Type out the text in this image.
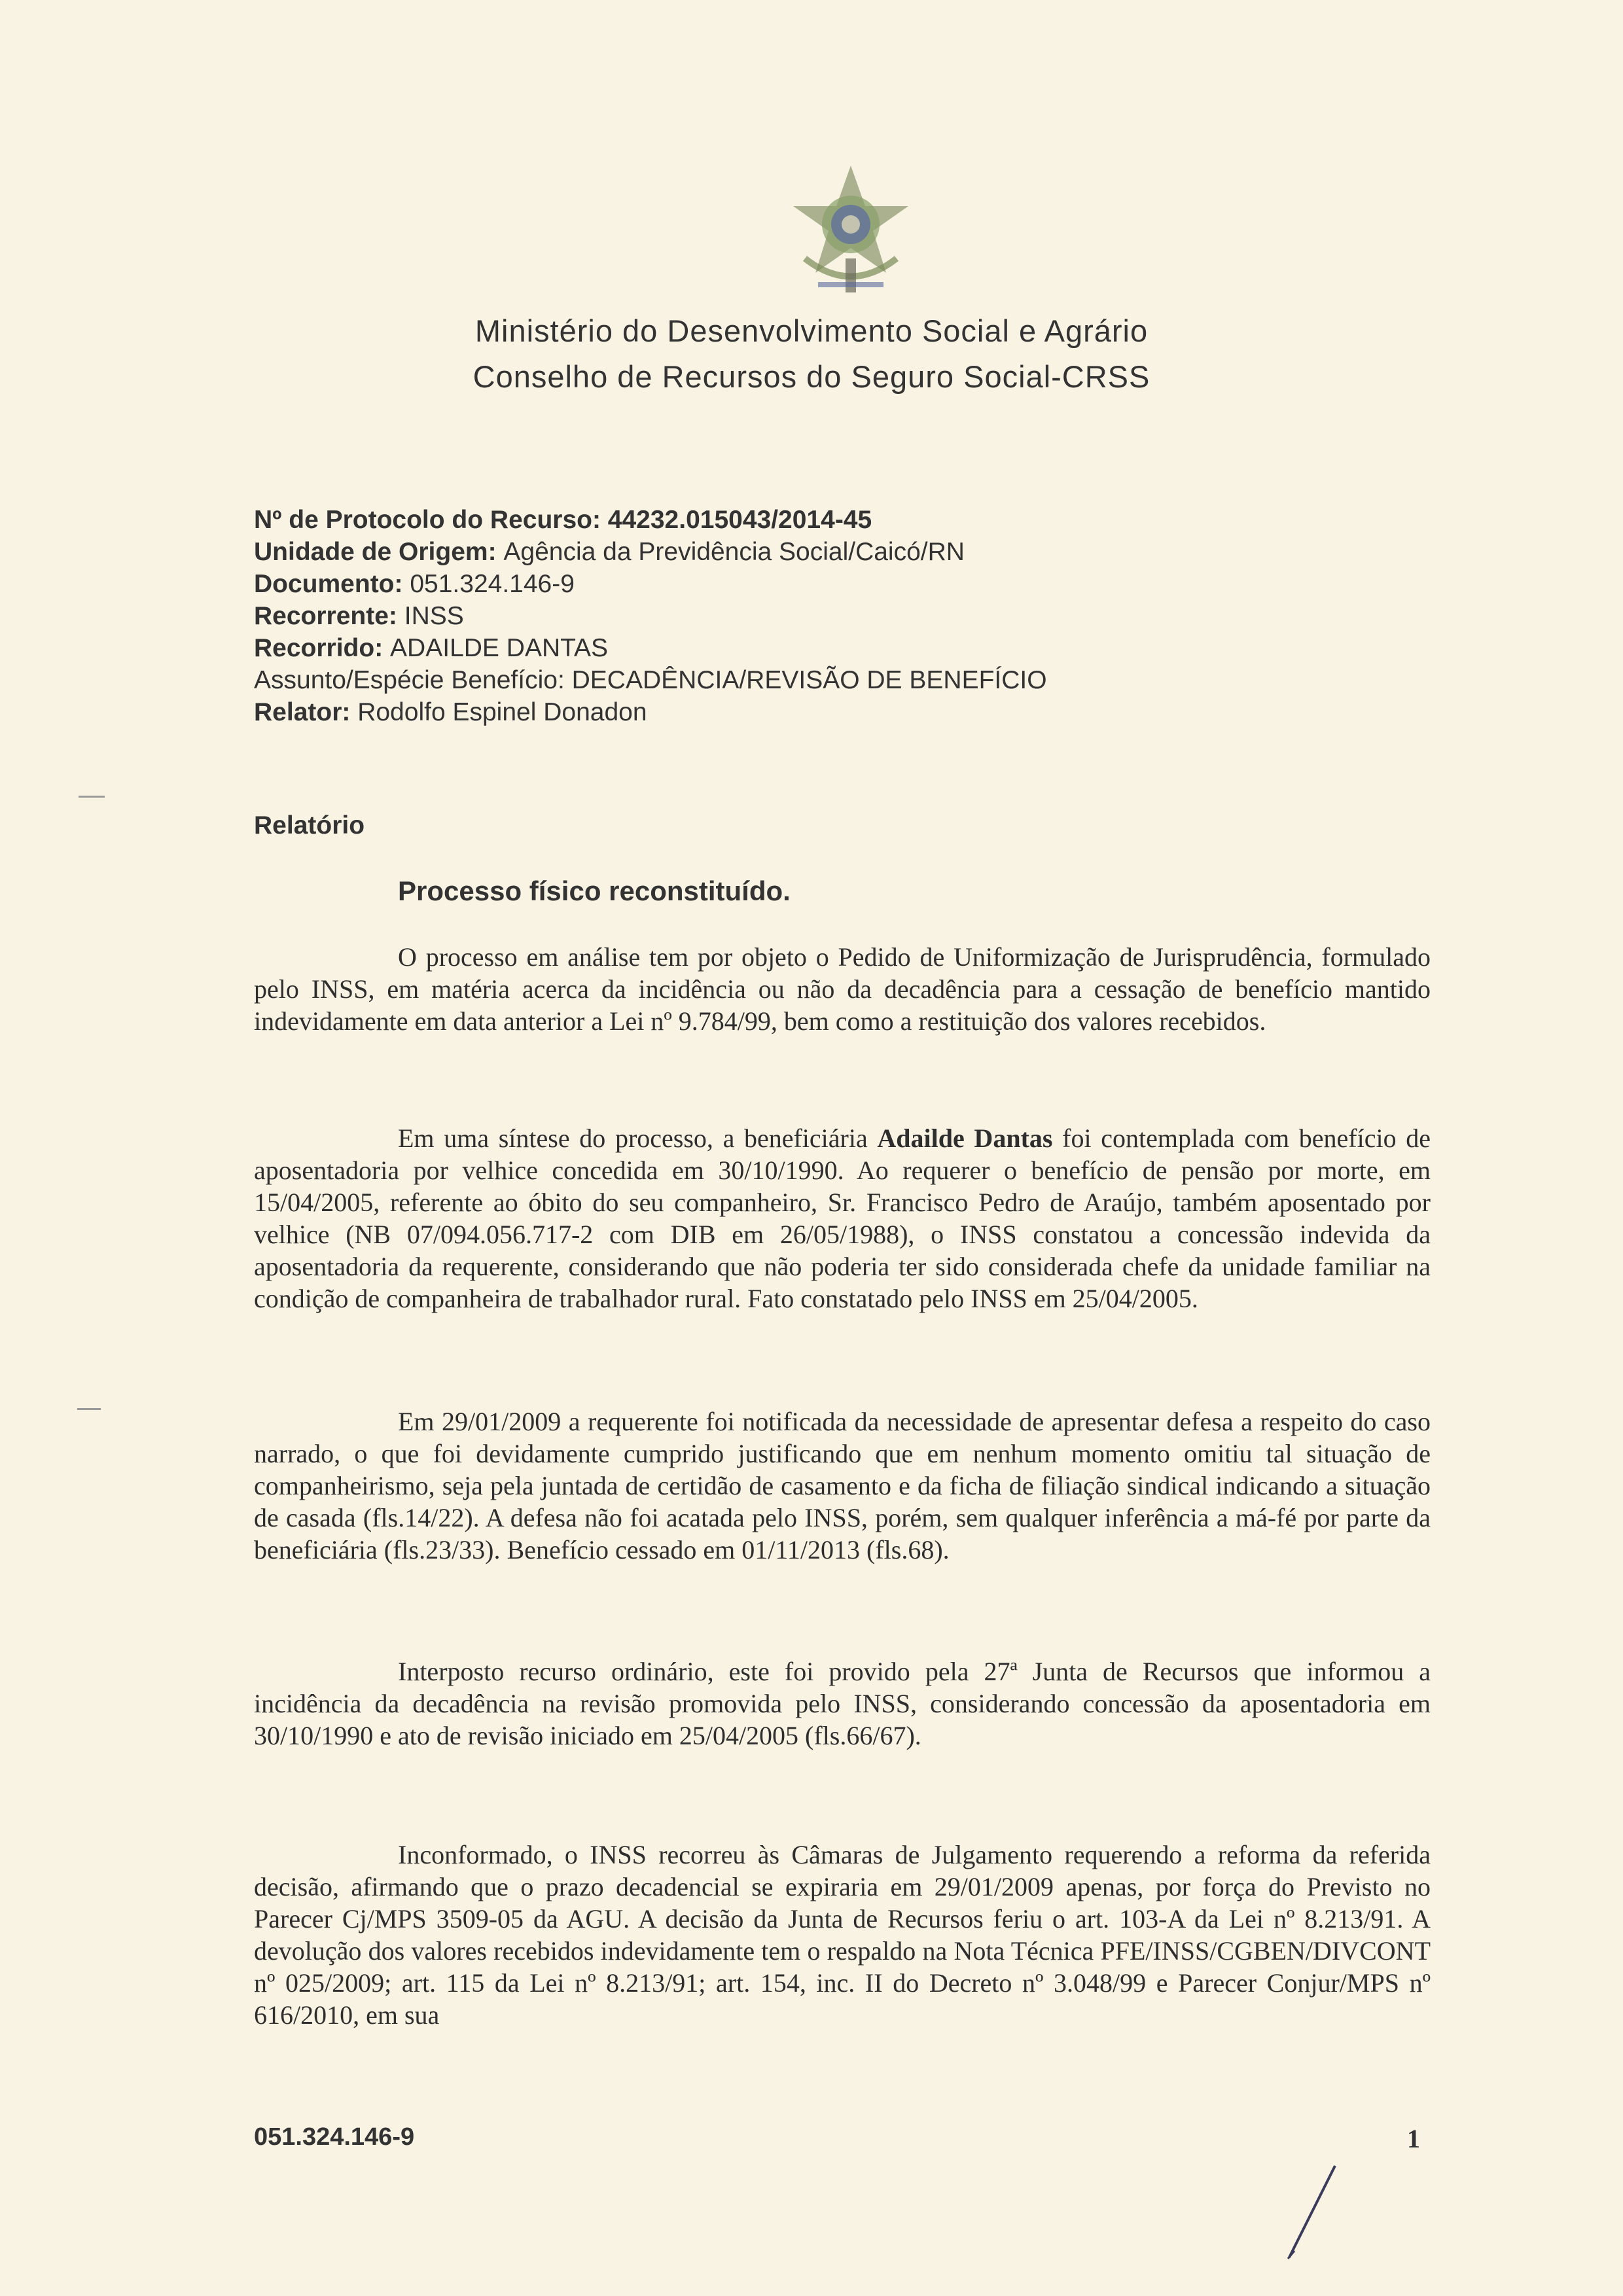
Ministério do Desenvolvimento Social e Agrário
Conselho de Recursos do Seguro Social-CRSS
Nº de Protocolo do Recurso: 44232.015043/2014-45
Unidade de Origem: Agência da Previdência Social/Caicó/RN
Documento: 051.324.146-9
Recorrente: INSS
Recorrido: ADAILDE DANTAS
Assunto/Espécie Benefício: DECADÊNCIA/REVISÃO DE BENEFÍCIO
Relator: Rodolfo Espinel Donadon
Relatório
Processo físico reconstituído.

O processo em análise tem por objeto o Pedido de Uniformização de Jurisprudência, formulado pelo INSS, em matéria acerca da incidência ou não da decadência para a cessação de benefício mantido indevidamente em data anterior a Lei nº 9.784/99, bem como a restituição dos valores recebidos.

Em uma síntese do processo, a beneficiária Adailde Dantas foi contemplada com benefício de aposentadoria por velhice concedida em 30/10/1990. Ao requerer o benefício de pensão por morte, em 15/04/2005, referente ao óbito do seu companheiro, Sr. Francisco Pedro de Araújo, também aposentado por velhice (NB 07/094.056.717-2 com DIB em 26/05/1988), o INSS constatou a concessão indevida da aposentadoria da requerente, considerando que não poderia ter sido considerada chefe da unidade familiar na condição de companheira de trabalhador rural. Fato constatado pelo INSS em 25/04/2005.

Em 29/01/2009 a requerente foi notificada da necessidade de apresentar defesa a respeito do caso narrado, o que foi devidamente cumprido justificando que em nenhum momento omitiu tal situação de companheirismo, seja pela juntada de certidão de casamento e da ficha de filiação sindical indicando a situação de casada (fls.14/22). A defesa não foi acatada pelo INSS, porém, sem qualquer inferência a má-fé por parte da beneficiária (fls.23/33). Benefício cessado em 01/11/2013 (fls.68).

Interposto recurso ordinário, este foi provido pela 27ª Junta de Recursos que informou a incidência da decadência na revisão promovida pelo INSS, considerando concessão da aposentadoria em 30/10/1990 e ato de revisão iniciado em 25/04/2005 (fls.66/67).

Inconformado, o INSS recorreu às Câmaras de Julgamento requerendo a reforma da referida decisão, afirmando que o prazo decadencial se expiraria em 29/01/2009 apenas, por força do Previsto no Parecer Cj/MPS 3509-05 da AGU. A decisão da Junta de Recursos feriu o art. 103-A da Lei nº 8.213/91. A devolução dos valores recebidos indevidamente tem o respaldo na Nota Técnica PFE/INSS/CGBEN/DIVCONT nº 025/2009; art. 115 da Lei nº 8.213/91; art. 154, inc. II do Decreto nº 3.048/99 e Parecer Conjur/MPS nº 616/2010, em sua

051.324.146-9	1
